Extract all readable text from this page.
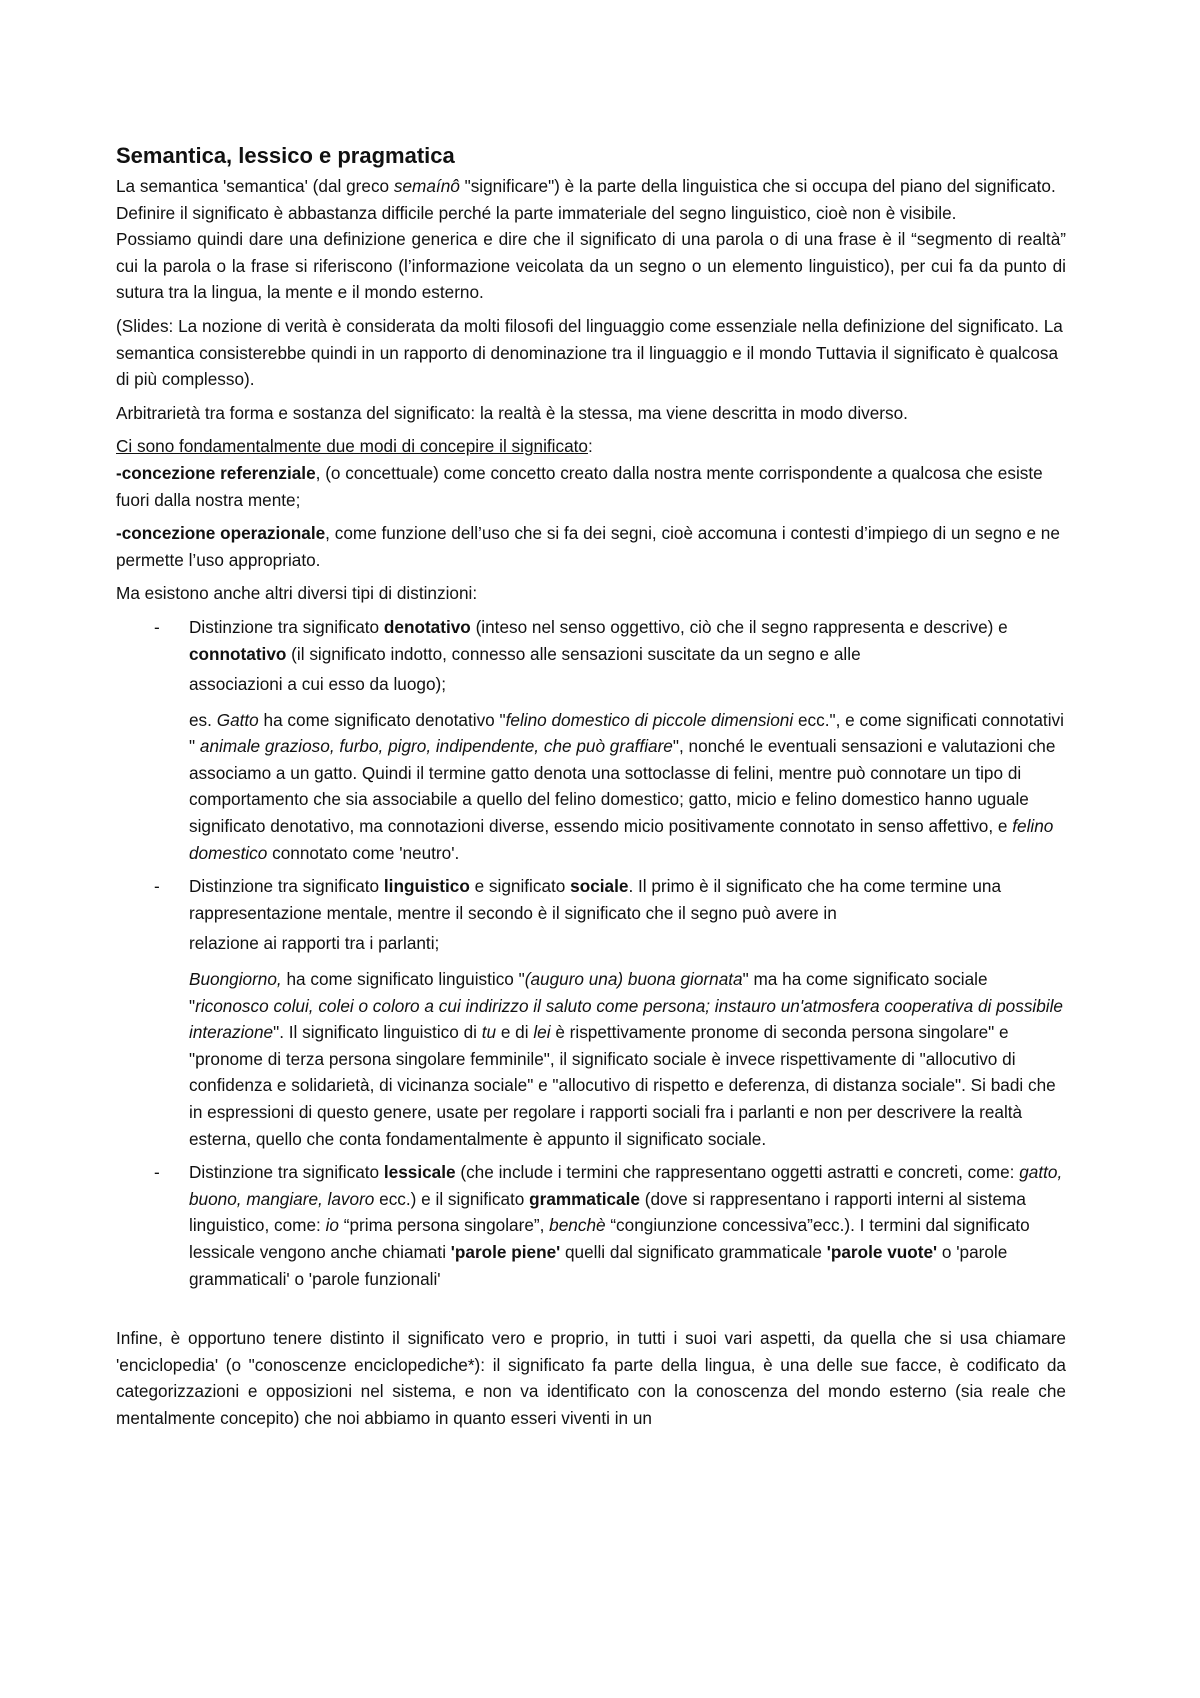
Semantica, lessico e pragmatica

La semantica 'semantica' (dal greco semaínô "significare") è la parte della linguistica che si occupa del piano del significato.

Definire il significato è abbastanza difficile perché la parte immateriale del segno linguistico, cioè non è visibile.

Possiamo quindi dare una definizione generica e dire che il significato di una parola o di una frase è il “segmento di realtà” cui la parola o la frase si riferiscono (l’informazione veicolata da un segno o un elemento linguistico), per cui fa da punto di sutura tra la lingua, la mente e il mondo esterno.

(Slides: La nozione di verità è considerata da molti filosofi del linguaggio come essenziale nella definizione del significato. La semantica consisterebbe quindi in un rapporto di denominazione tra il linguaggio e il mondo Tuttavia il significato è qualcosa di più complesso).

Arbitrarietà tra forma e sostanza del significato: la realtà è la stessa, ma viene descritta in modo diverso.

Ci sono fondamentalmente due modi di concepire il significato:

-concezione referenziale, (o concettuale) come concetto creato dalla nostra mente corrispondente a qualcosa che esiste fuori dalla nostra mente;

-concezione operazionale, come funzione dell’uso che si fa dei segni, cioè accomuna i contesti d’impiego di un segno e ne permette l’uso appropriato.

Ma esistono anche altri diversi tipi di distinzioni:

- Distinzione tra significato denotativo (inteso nel senso oggettivo, ciò che il segno rappresenta e descrive) e connotativo (il significato indotto, connesso alle sensazioni suscitate da un segno e alle
associazioni a cui esso da luogo);

es. Gatto ha come significato denotativo "felino domestico di piccole dimensioni ecc.", e come significati connotativi " animale grazioso, furbo, pigro, indipendente, che può graffiare", nonché le eventuali sensazioni e valutazioni che associamo a un gatto. Quindi il termine gatto denota una sottoclasse di felini, mentre può connotare un tipo di comportamento che sia associabile a quello del felino domestico; gatto, micio e felino domestico hanno uguale significato denotativo, ma connotazioni diverse, essendo micio positivamente connotato in senso affettivo, e felino domestico connotato come 'neutro'.

- Distinzione tra significato linguistico e significato sociale. Il primo è il significato che ha come termine una rappresentazione mentale, mentre il secondo è il significato che il segno può avere in
relazione ai rapporti tra i parlanti;

Buongiorno, ha come significato linguistico "(auguro una) buona giornata" ma ha come significato sociale "riconosco colui, colei o coloro a cui indirizzo il saluto come persona; instauro un'atmosfera cooperativa di possibile interazione". Il significato linguistico di tu e di lei è rispettivamente pronome di seconda persona singolare" e "pronome di terza persona singolare femminile", il significato sociale è invece rispettivamente di "allocutivo di confidenza e solidarietà, di vicinanza sociale" e "allocutivo di rispetto e deferenza, di distanza sociale". Si badi che in espressioni di questo genere, usate per regolare i rapporti sociali fra i parlanti e non per descrivere la realtà esterna, quello che conta fondamentalmente è appunto il significato sociale.

- Distinzione tra significato lessicale (che include i termini che rappresentano oggetti astratti e concreti, come: gatto, buono, mangiare, lavoro ecc.) e il significato grammaticale (dove si rappresentano i rapporti interni al sistema linguistico, come: io “prima persona singolare”, benchè “congiunzione concessiva”ecc.). I termini dal significato lessicale vengono anche chiamati 'parole piene' quelli dal significato grammaticale 'parole vuote' o 'parole grammaticali' o 'parole funzionali'

Infine, è opportuno tenere distinto il significato vero e proprio, in tutti i suoi vari aspetti, da quella che si usa chiamare 'enciclopedia' (o "conoscenze enciclopediche*): il significato fa parte della lingua, è una delle sue facce, è codificato da categorizzazioni e opposizioni nel sistema, e non va identificato con la conoscenza del mondo esterno (sia reale che mentalmente concepito) che noi abbiamo in quanto esseri viventi in un
